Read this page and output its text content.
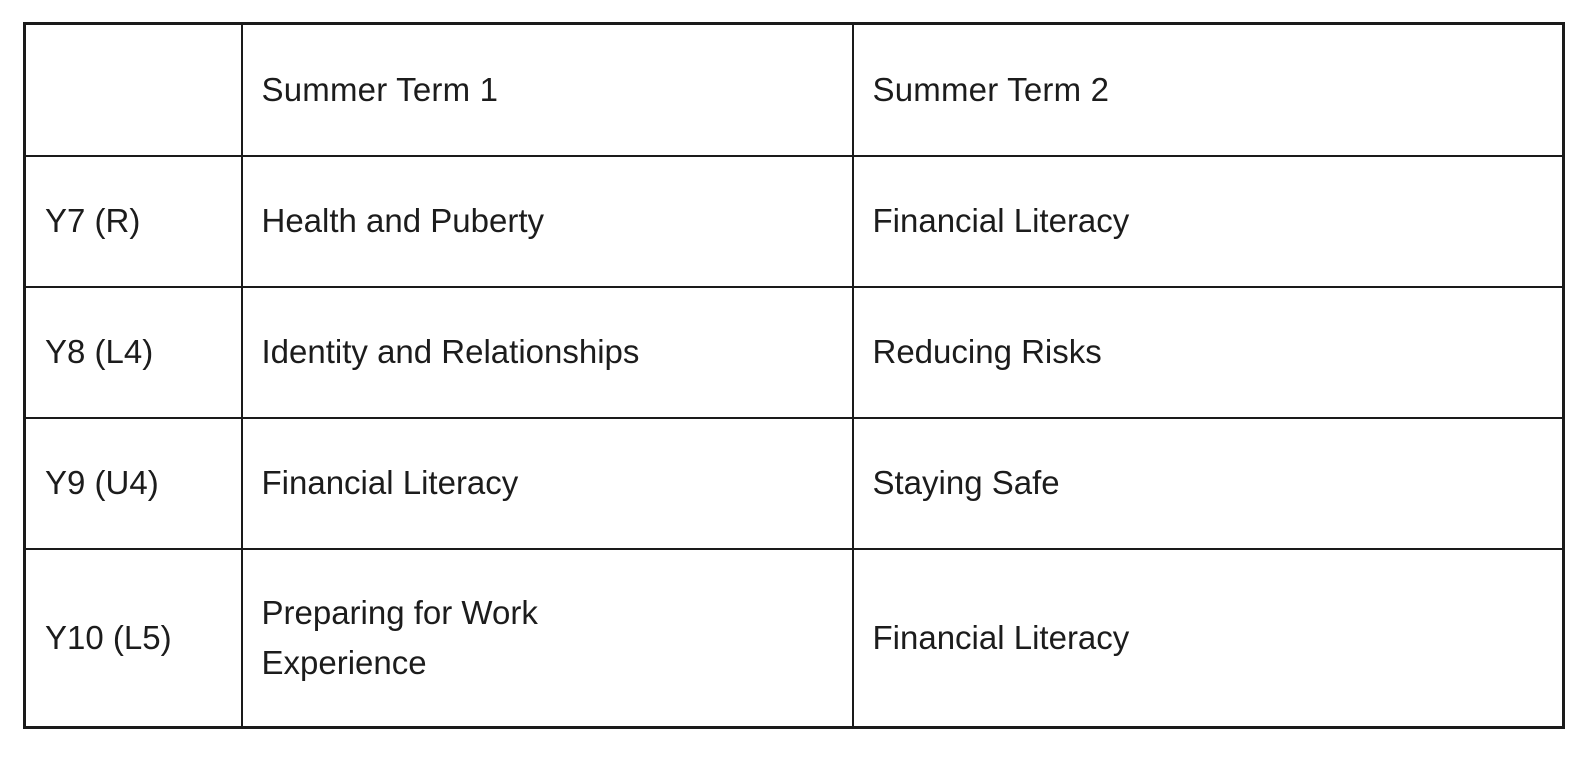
	Summer Term 1	Summer Term 2
Y7 (R)	Health and Puberty	Financial Literacy
Y8 (L4)	Identity and Relationships	Reducing Risks
Y9 (U4)	Financial Literacy	Staying Safe
Y10 (L5)	Preparing for Work Experience	Financial Literacy
